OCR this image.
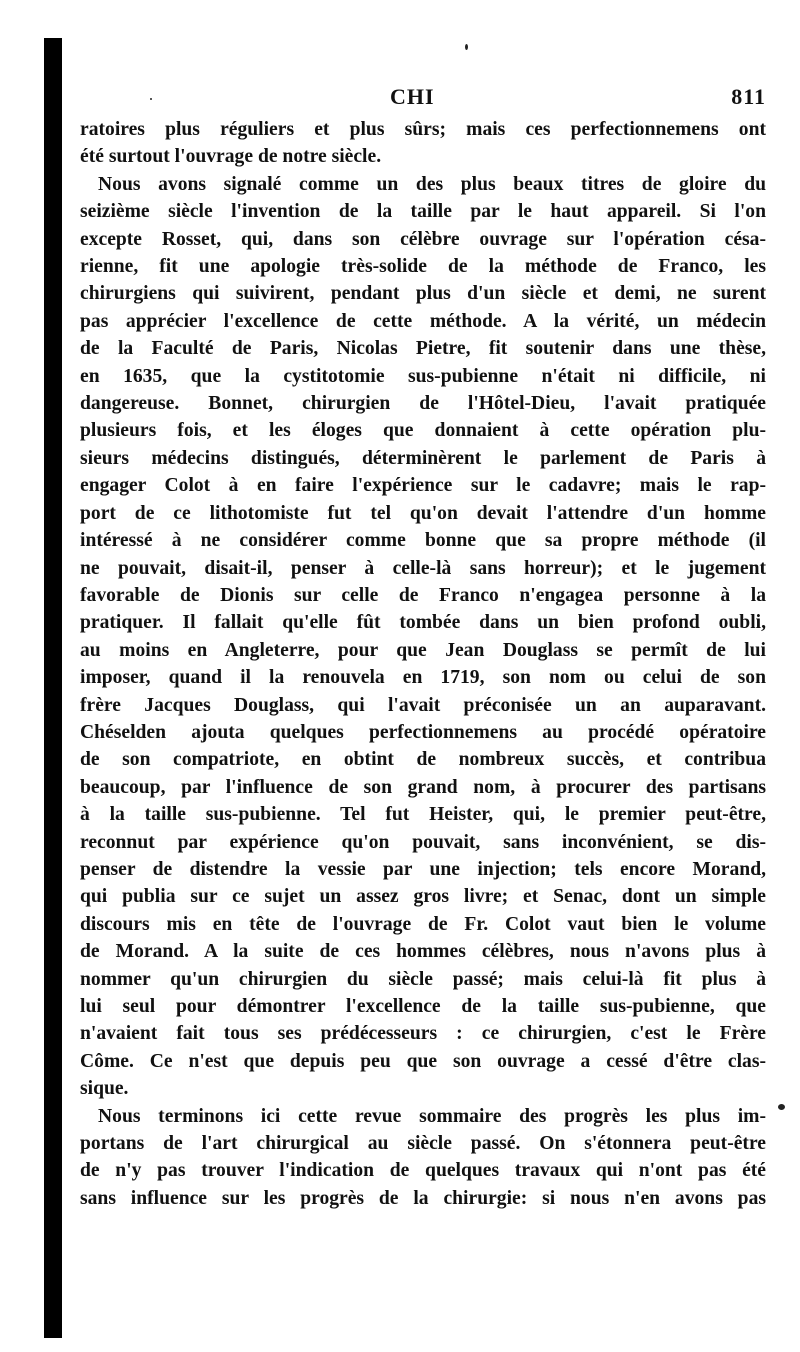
CHI	811

ratoires plus réguliers et plus sûrs; mais ces perfectionnemens ont
été surtout l'ouvrage de notre siècle.

Nous avons signalé comme un des plus beaux titres de gloire du
seizième siècle l'invention de la taille par le haut appareil. Si l'on
excepte Rosset, qui, dans son célèbre ouvrage sur l'opération césa-
rienne, fit une apologie très-solide de la méthode de Franco, les
chirurgiens qui suivirent, pendant plus d'un siècle et demi, ne surent
pas apprécier l'excellence de cette méthode. A la vérité, un médecin
de la Faculté de Paris, Nicolas Pietre, fit soutenir dans une thèse,
en 1635, que la cystitotomie sus-pubienne n'était ni difficile, ni
dangereuse. Bonnet, chirurgien de l'Hôtel-Dieu, l'avait pratiquée
plusieurs fois, et les éloges que donnaient à cette opération plu-
sieurs médecins distingués, déterminèrent le parlement de Paris à
engager Colot à en faire l'expérience sur le cadavre; mais le rap-
port de ce lithotomiste fut tel qu'on devait l'attendre d'un homme
intéressé à ne considérer comme bonne que sa propre méthode (il
ne pouvait, disait-il, penser à celle-là sans horreur); et le jugement
favorable de Dionis sur celle de Franco n'engagea personne à la
pratiquer. Il fallait qu'elle fût tombée dans un bien profond oubli,
au moins en Angleterre, pour que Jean Douglass se permît de lui
imposer, quand il la renouvela en 1719, son nom ou celui de son
frère Jacques Douglass, qui l'avait préconisée un an auparavant.
Chéselden ajouta quelques perfectionnemens au procédé opératoire
de son compatriote, en obtint de nombreux succès, et contribua
beaucoup, par l'influence de son grand nom, à procurer des partisans
à la taille sus-pubienne. Tel fut Heister, qui, le premier peut-être,
reconnut par expérience qu'on pouvait, sans inconvénient, se dis-
penser de distendre la vessie par une injection; tels encore Morand,
qui publia sur ce sujet un assez gros livre; et Senac, dont un simple
discours mis en tête de l'ouvrage de Fr. Colot vaut bien le volume
de Morand. A la suite de ces hommes célèbres, nous n'avons plus à
nommer qu'un chirurgien du siècle passé; mais celui-là fit plus à
lui seul pour démontrer l'excellence de la taille sus-pubienne, que
n'avaient fait tous ses prédécesseurs : ce chirurgien, c'est le Frère
Côme. Ce n'est que depuis peu que son ouvrage a cessé d'être clas-
sique.

Nous terminons ici cette revue sommaire des progrès les plus im-
portans de l'art chirurgical au siècle passé. On s'étonnera peut-être
de n'y pas trouver l'indication de quelques travaux qui n'ont pas été
sans influence sur les progrès de la chirurgie: si nous n'en avons pas
